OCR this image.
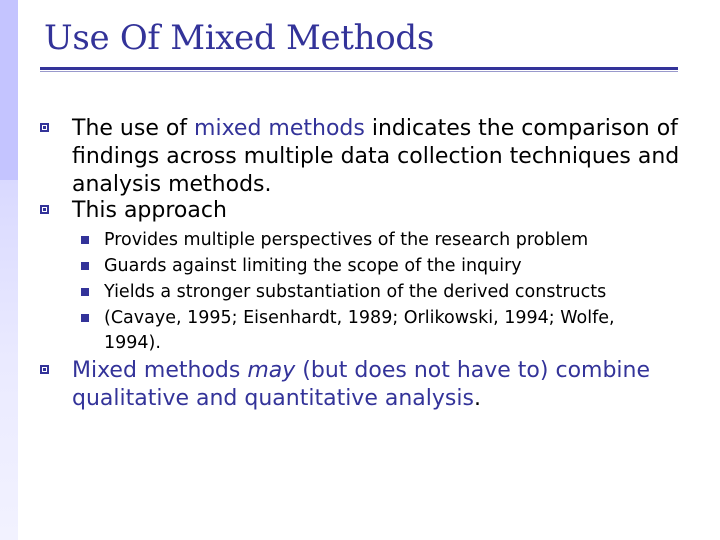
Use Of Mixed Methods
The use of mixed methods indicates the comparison of findings across multiple data collection techniques and analysis methods.
This approach
Provides multiple perspectives of the research problem
Guards against limiting the scope of the inquiry
Yields a stronger substantiation of the derived constructs
(Cavaye, 1995; Eisenhardt, 1989; Orlikowski, 1994; Wolfe, 1994).
Mixed methods may (but does not have to) combine qualitative and quantitative analysis.
